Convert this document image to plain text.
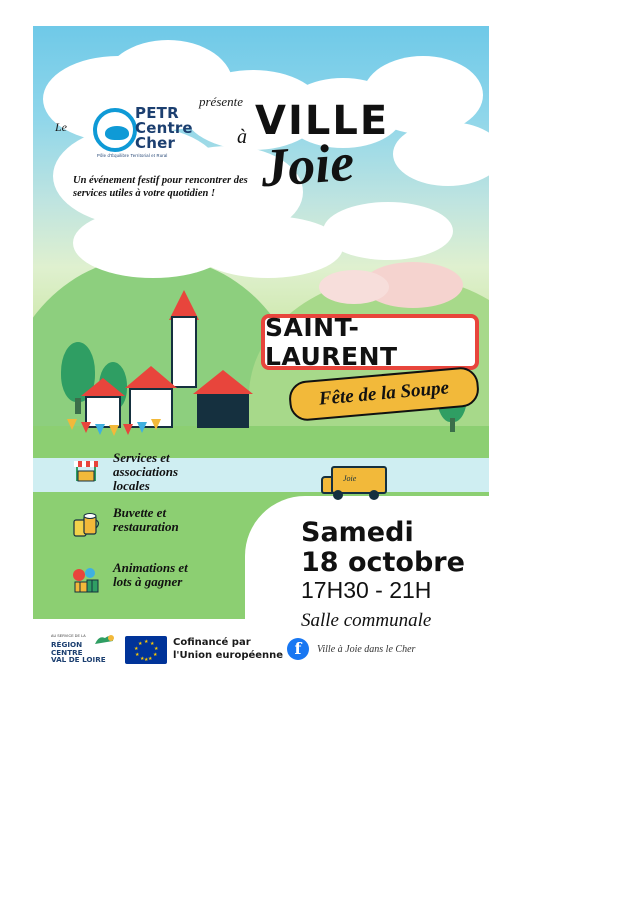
Le
PETR
Centre
Cher
Pôle d'Équilibre Territorial et Rural
présente
à VILLE
Joie
Un événement festif pour rencontrer des services utiles à votre quotidien !
SAINT-LAURENT
Fête de la Soupe
Joie
Services et
associations
locales
Buvette et
restauration
Animations et
lots à gagner
Samedi
18 octobre
17H30 - 21H
Salle communale
AU SERVICE DE LA
RÉGION
CENTRE
VAL DE LOIRE
★
★ ★
★	★
★	★
★ ★
★
Cofinancé par
l'Union européenne f	Ville à Joie dans le Cher
